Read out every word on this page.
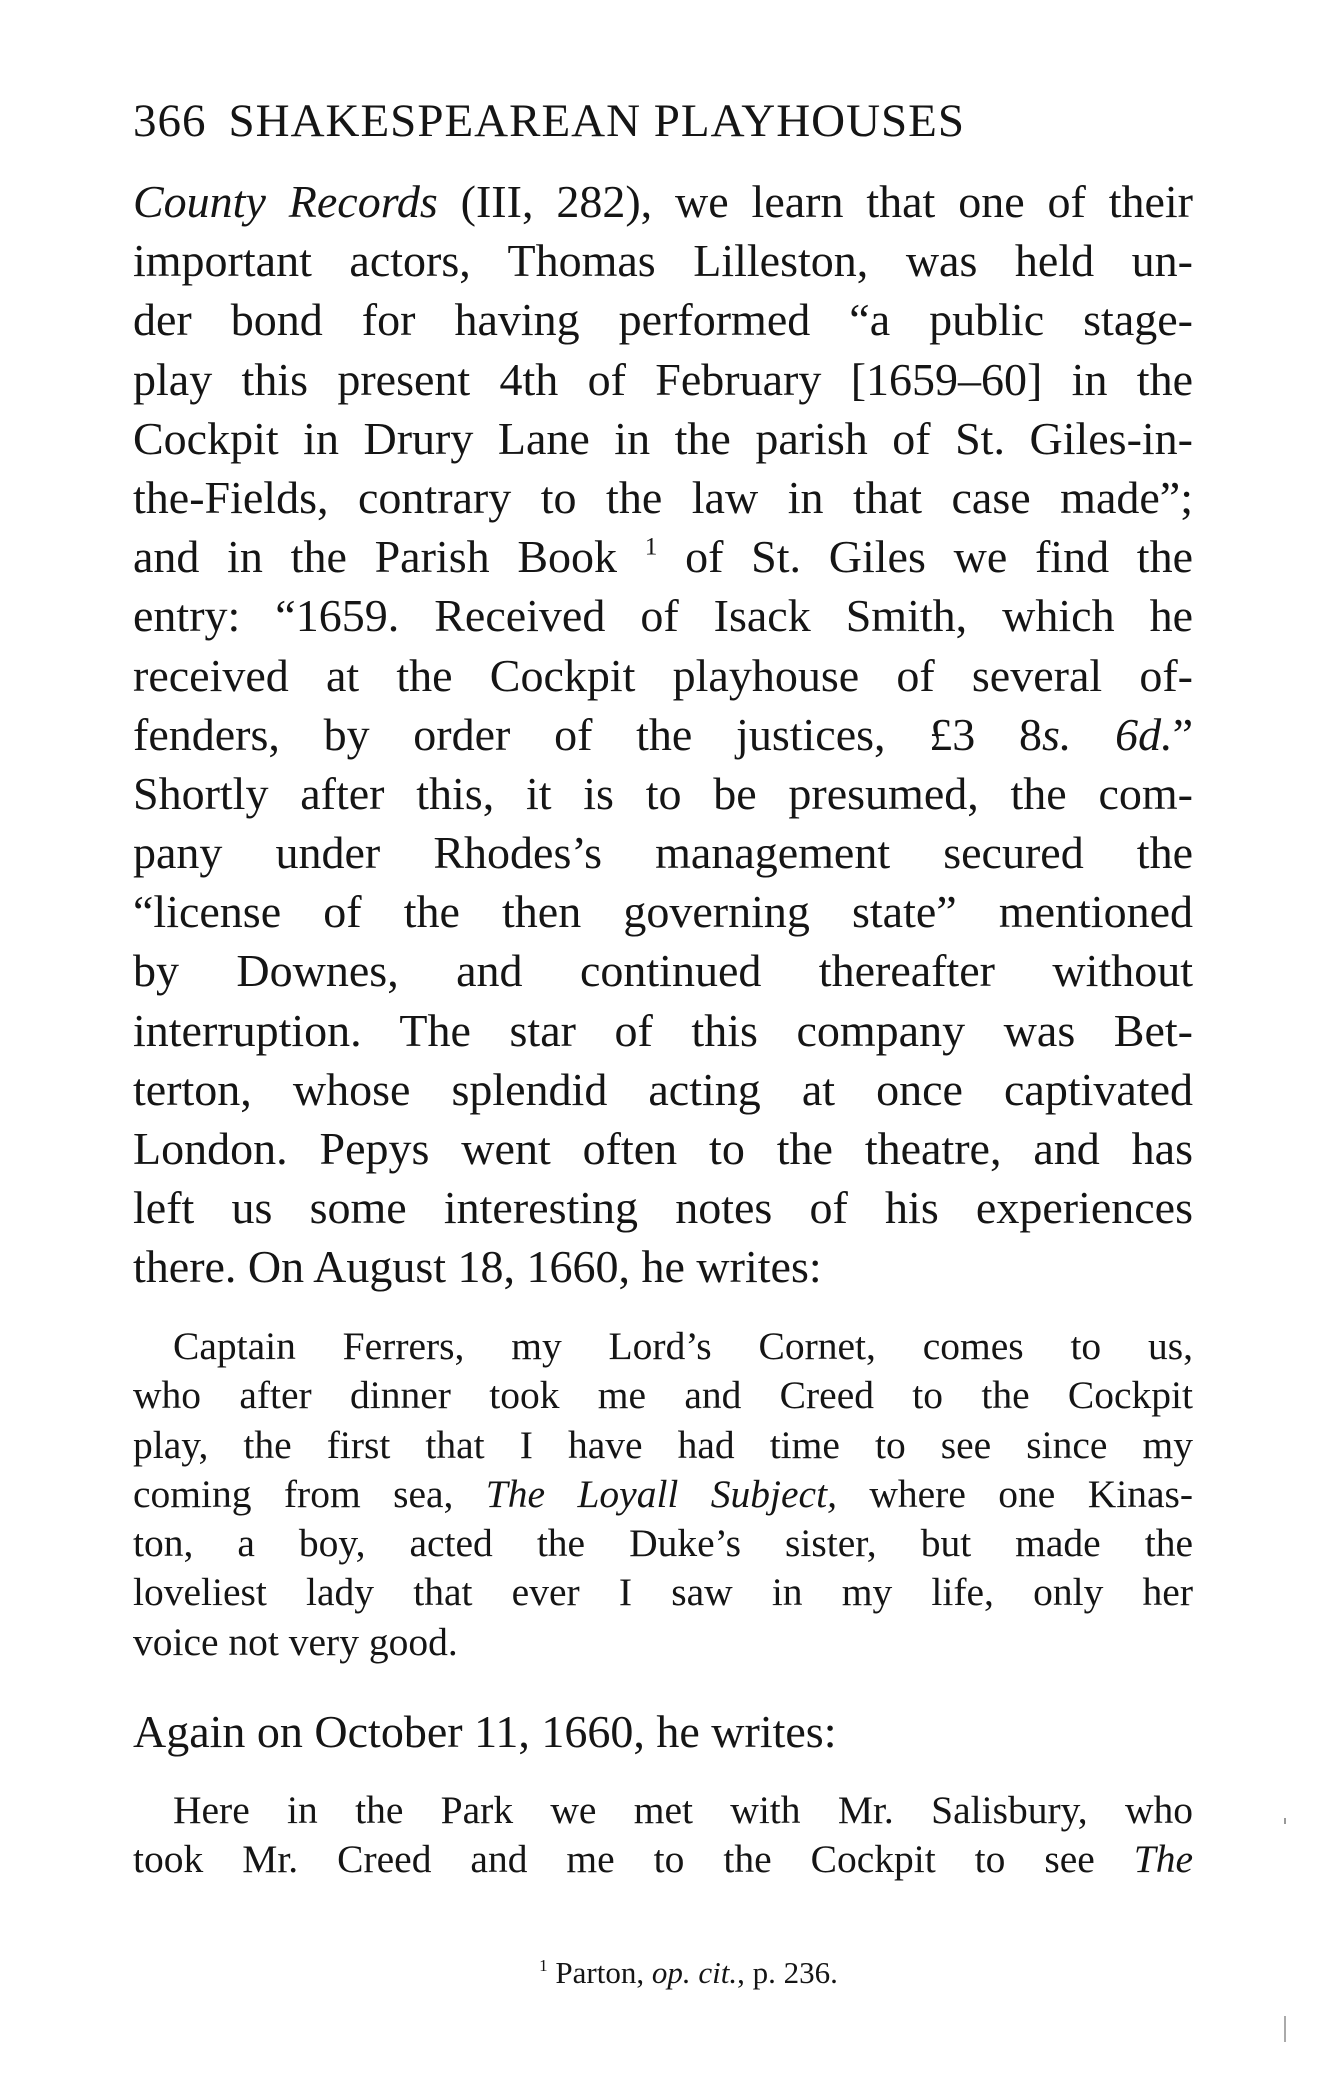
366 SHAKESPEAREAN PLAYHOUSES
County Records (III, 282), we learn that one of their
important actors, Thomas Lilleston, was held un-
der bond for having performed “a public stage-
play this present 4th of February [1659–60] in the
Cockpit in Drury Lane in the parish of St. Giles-in-
the-Fields, contrary to the law in that case made”;
and in the Parish Book $^1$ of St. Giles we find the
entry: “1659. Received of Isack Smith, which he
received at the Cockpit playhouse of several of-
fenders, by order of the justices, £3 8s. 6d.”
Shortly after this, it is to be presumed, the com-
pany under Rhodes’s management secured the
“license of the then governing state” mentioned
by Downes, and continued thereafter without
interruption. The star of this company was Bet-
terton, whose splendid acting at once captivated
London. Pepys went often to the theatre, and has
left us some interesting notes of his experiences
there. On August 18, 1660, he writes:
Captain Ferrers, my Lord’s Cornet, comes to us,
who after dinner took me and Creed to the Cockpit
play, the first that I have had time to see since my
coming from sea, The Loyall Subject, where one Kinas-
ton, a boy, acted the Duke’s sister, but made the
loveliest lady that ever I saw in my life, only her
voice not very good.
Again on October 11, 1660, he writes:
Here in the Park we met with Mr. Salisbury, who
took Mr. Creed and me to the Cockpit to see The
$^1$ Parton, op. cit., p. 236.
